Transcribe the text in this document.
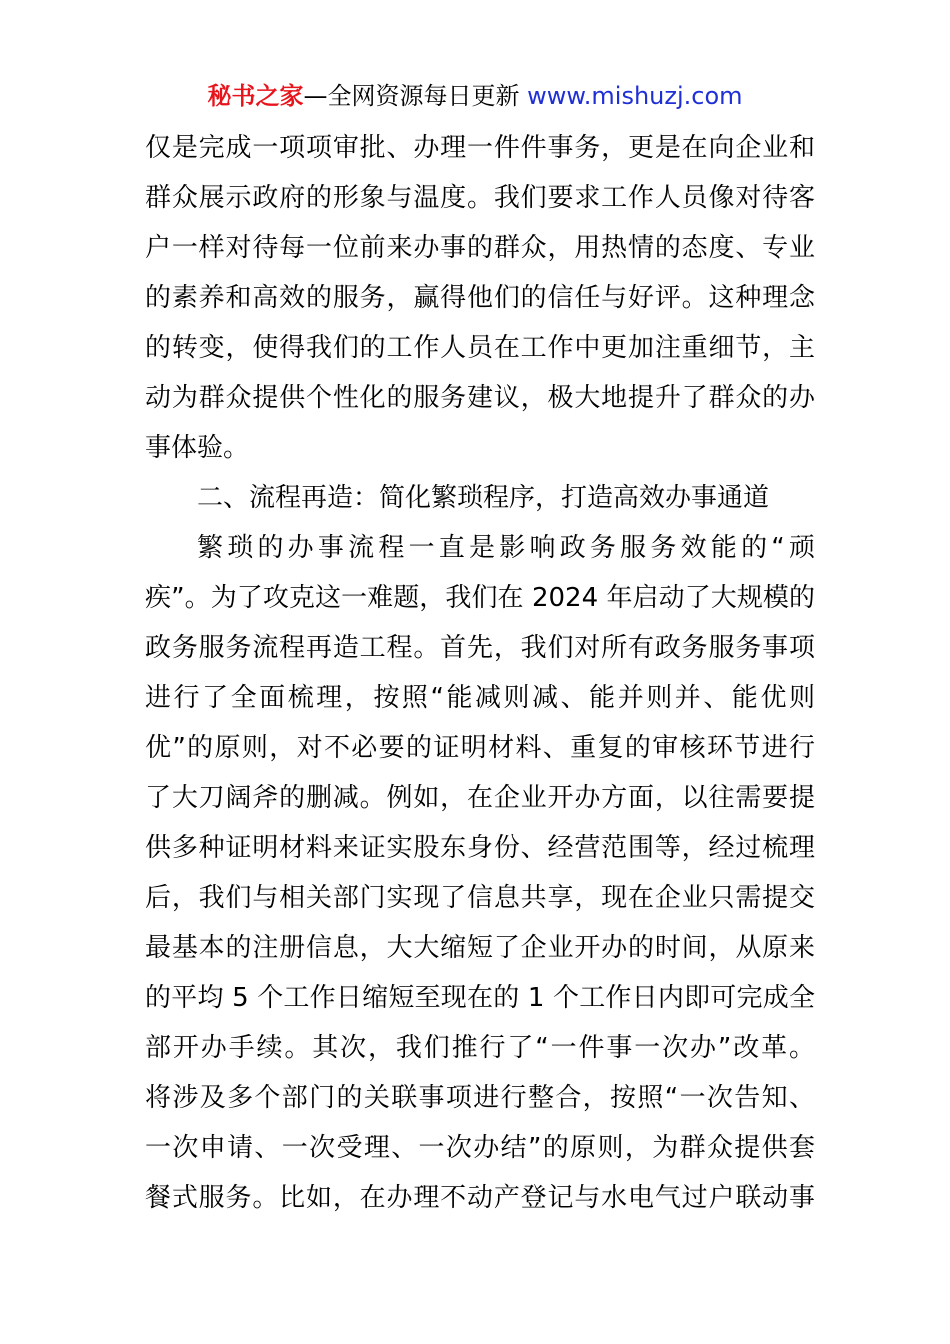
秘书之家—全网资源每日更新 www.mishuzj.com
仅是完成一项项审批、办理一件件事务，更是在向企业和
群众展示政府的形象与温度。我们要求工作人员像对待客
户一样对待每一位前来办事的群众，用热情的态度、专业
的素养和高效的服务，赢得他们的信任与好评。这种理念
的转变，使得我们的工作人员在工作中更加注重细节，主
动为群众提供个性化的服务建议，极大地提升了群众的办
事体验。
二、流程再造：简化繁琐程序，打造高效办事通道
繁琐的办事流程一直是影响政务服务效能的“顽
疾”。为了攻克这一难题，我们在 2024 年启动了大规模的
政务服务流程再造工程。首先，我们对所有政务服务事项
进行了全面梳理，按照“能减则减、能并则并、能优则
优”的原则，对不必要的证明材料、重复的审核环节进行
了大刀阔斧的删减。例如，在企业开办方面，以往需要提
供多种证明材料来证实股东身份、经营范围等，经过梳理
后，我们与相关部门实现了信息共享，现在企业只需提交
最基本的注册信息，大大缩短了企业开办的时间，从原来
的平均 5 个工作日缩短至现在的 1 个工作日内即可完成全
部开办手续。其次，我们推行了“一件事一次办”改革。
将涉及多个部门的关联事项进行整合，按照“一次告知、
一次申请、一次受理、一次办结”的原则，为群众提供套
餐式服务。比如，在办理不动产登记与水电气过户联动事
